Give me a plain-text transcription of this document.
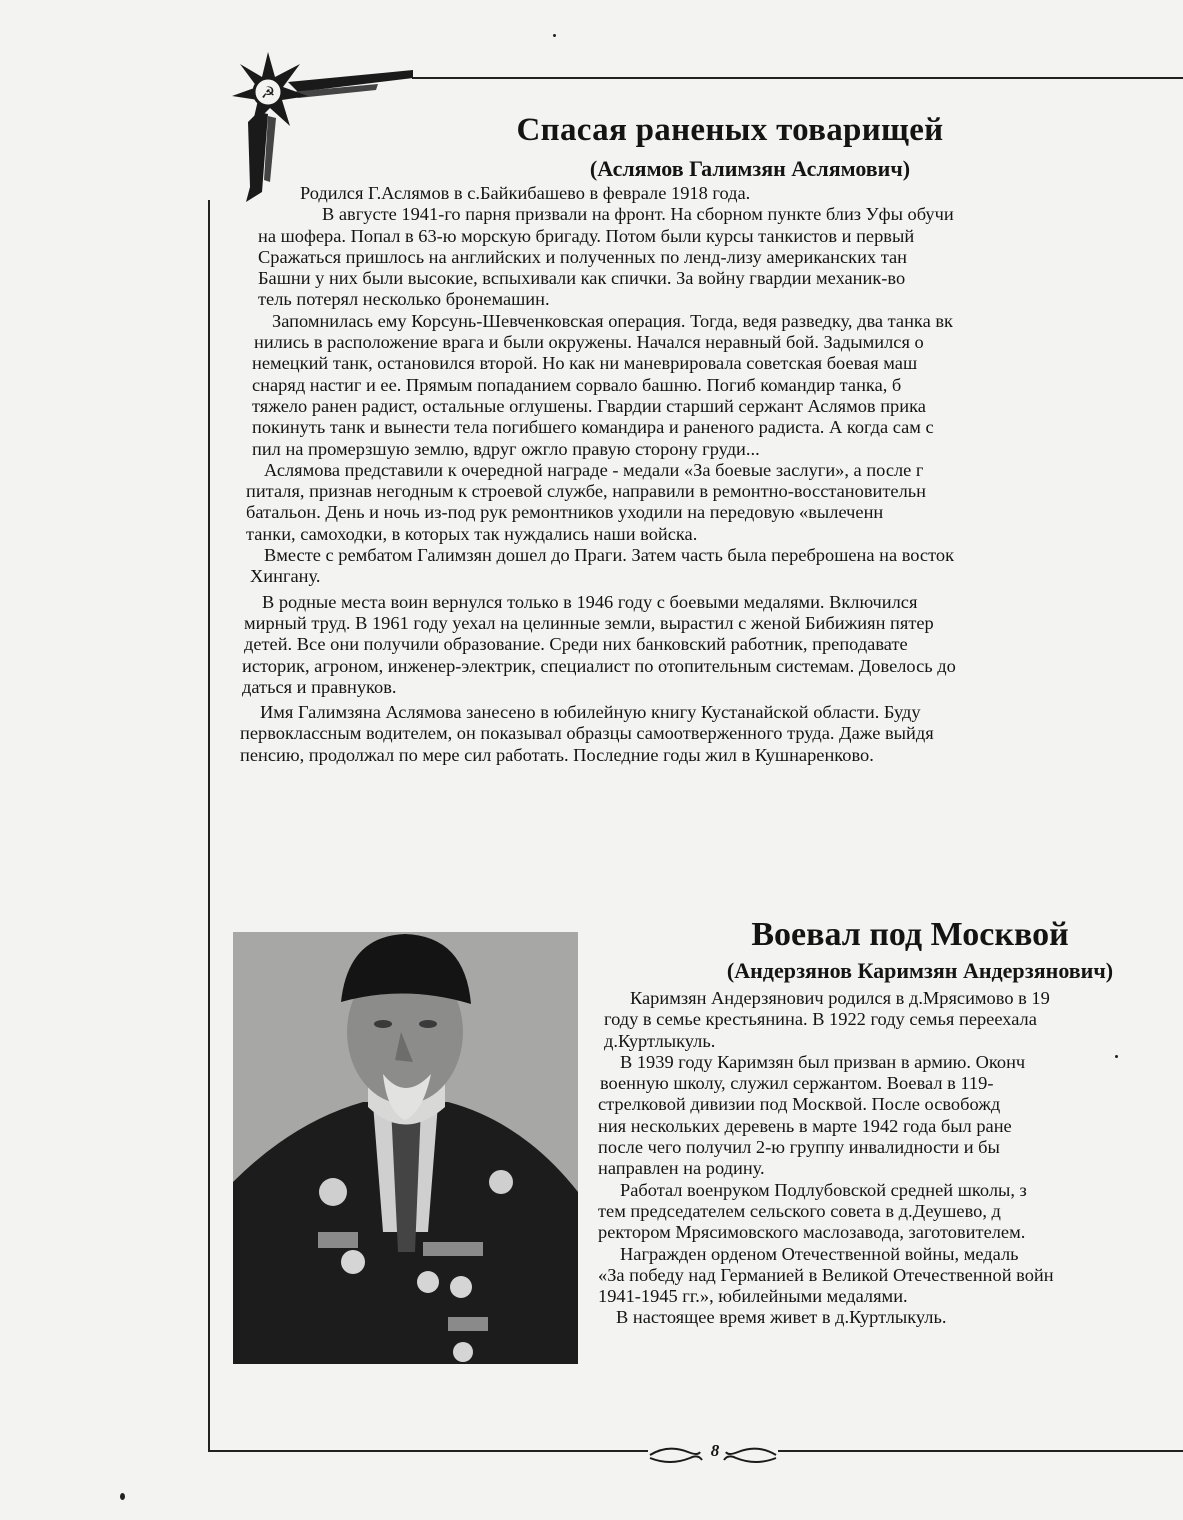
☭
Спасая раненых товарищей
(Аслямов Галимзян Аслямович)

Родился Г.Аслямов в с.Байкибашево в феврале 1918 года.

В августе 1941-го парня призвали на фронт. На сборном пункте близ Уфы обучи

на шофера. Попал в 63-ю морскую бригаду. Потом были курсы танкистов и первый

Сражаться пришлось на английских и полученных по ленд-лизу американских тан

Башни у них были высокие, вспыхивали как спички. За войну гвардии механик-во

тель потерял несколько бронемашин.

Запомнилась ему Корсунь-Шевченковская операция. Тогда, ведя разведку, два танка вк

нились в расположение врага и были окружены. Начался неравный бой. Задымился о

немецкий танк, остановился второй. Но как ни маневрировала советская боевая маш

снаряд настиг и ее. Прямым попаданием сорвало башню. Погиб командир танка, б

тяжело ранен радист, остальные оглушены. Гвардии старший сержант Аслямов прика

покинуть танк и вынести тела погибшего командира и раненого радиста. А когда сам с

пил на промерзшую землю, вдруг ожгло правую сторону груди...

Аслямова представили к очередной награде - медали «За боевые заслуги», а после г

питаля, признав негодным к строевой службе, направили в ремонтно-восстановительн

батальон. День и ночь из-под рук ремонтников уходили на передовую «вылеченн

танки, самоходки, в которых так нуждались наши войска.

Вместе с рембатом Галимзян дошел до Праги. Затем часть была переброшена на восток

Хингану.

В родные места воин вернулся только в 1946 году с боевыми медалями. Включился

мирный труд. В 1961 году уехал на целинные земли, вырастил с женой Бибижиян пятер

детей. Все они получили образование. Среди них банковский работник, преподавате

историк, агроном, инженер-электрик, специалист по отопительным системам. Довелось до

даться и правнуков.

Имя Галимзяна Аслямова занесено в юбилейную книгу Кустанайской области. Буду

первоклассным водителем, он показывал образцы самоотверженного труда. Даже выйдя

пенсию, продолжал по мере сил работать. Последние годы жил в Кушнаренково.

Воевал под Москвой
(Андерзянов Каримзян Андерзянович)

Каримзян Андерзянович родился в д.Мрясимово в 19

году в семье крестьянина. В 1922 году семья переехала

д.Куртлыкуль.

В 1939 году Каримзян был призван в армию. Оконч

военную школу, служил сержантом. Воевал в 119-

стрелковой дивизии под Москвой. После освобожд

ния нескольких деревень в марте 1942 года был ране

после чего получил 2-ю группу инвалидности и бы

направлен на родину.

Работал военруком Подлубовской средней школы, з

тем председателем сельского совета в д.Деушево, д

ректором Мрясимовского маслозавода, заготовителем.

Награжден орденом Отечественной войны, медаль

«За победу над Германией в Великой Отечественной войн

1941-1945 гг.», юбилейными медалями.

В настоящее время живет в д.Куртлыкуль.

8
